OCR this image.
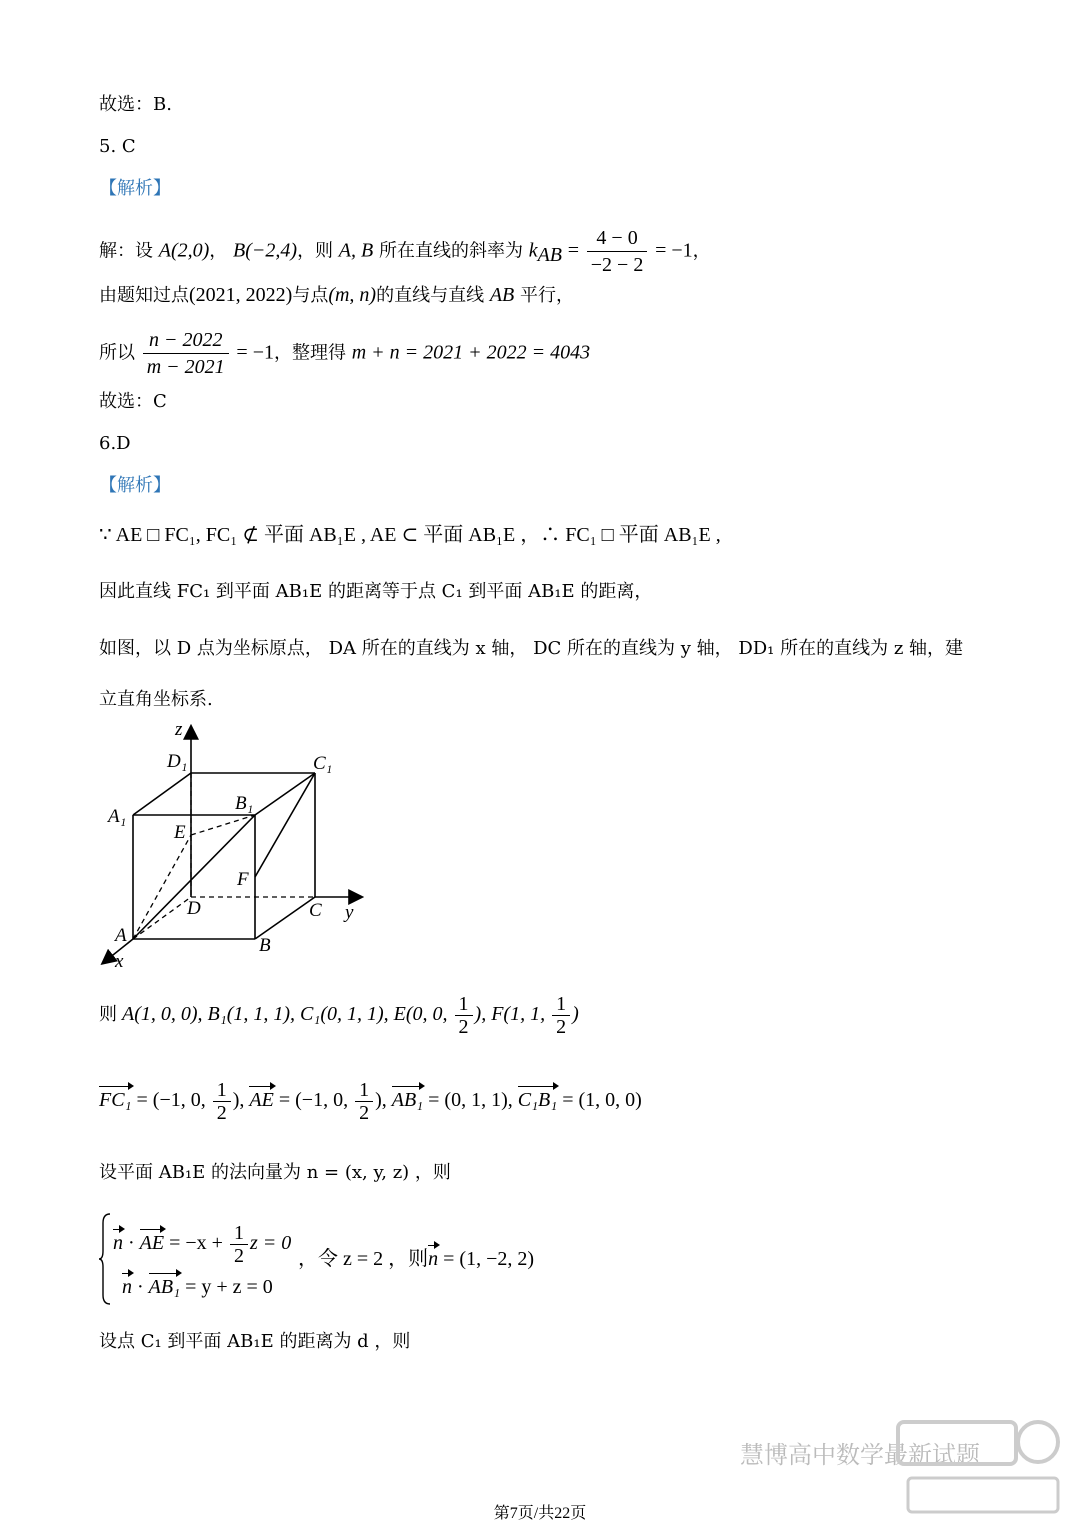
故选：B.
5. C
【解析】
解：设 A(2,0)， B(−2,4)，则 A, B 所在直线的斜率为 $k_{AB} = \frac{4 - 0}{-2 - 2} = -1$，
由题知过点(2021, 2022)与点(m, n)的直线与直线 AB 平行，
所以 $\frac{n - 2022}{m - 2021} = -1$，整理得 m + n = 2021 + 2022 = 4043
故选：C
6.D
【解析】
∵ AE □ FC₁, FC₁ ⊄ 平面 AB₁E , AE ⊂ 平面 AB₁E ，∴ FC₁ □ 平面 AB₁E ,
因此直线 FC₁ 到平面 AB₁E 的距离等于点 C₁ 到平面 AB₁E 的距离，
如图，以 D 点为坐标原点， DA 所在的直线为 x 轴， DC 所在的直线为 y 轴， DD₁ 所在的直线为 z 轴，建
立直角坐标系.
z
y
x
D₁	C₁
A₁
B₁
E
F
D	C
A	B
则 A(1, 0, 0), B₁(1, 1, 1), C₁(0, 1, 1), E(0, 0, $\frac{1}{2}$ ), F(1, 1, $\frac{1}{2}$ )
FC₁ = (−1, 0, $\frac{1}{2}$ ), AE = (−1, 0, $\frac{1}{2}$ ), AB₁ = (0, 1, 1), C₁B₁ = (1, 0, 0)
设平面 AB₁E 的法向量为 n = (x, y, z) ，则
n · AE = $-x + \frac{1}{2}$ z = 0
n · AB₁ = y + z = 0
，令 z = 2 ，则n = (1, −2, 2)
设点 C₁ 到平面 AB₁E 的距离为 d ，则
慧博高中数学最新试题
第7页/共22页
